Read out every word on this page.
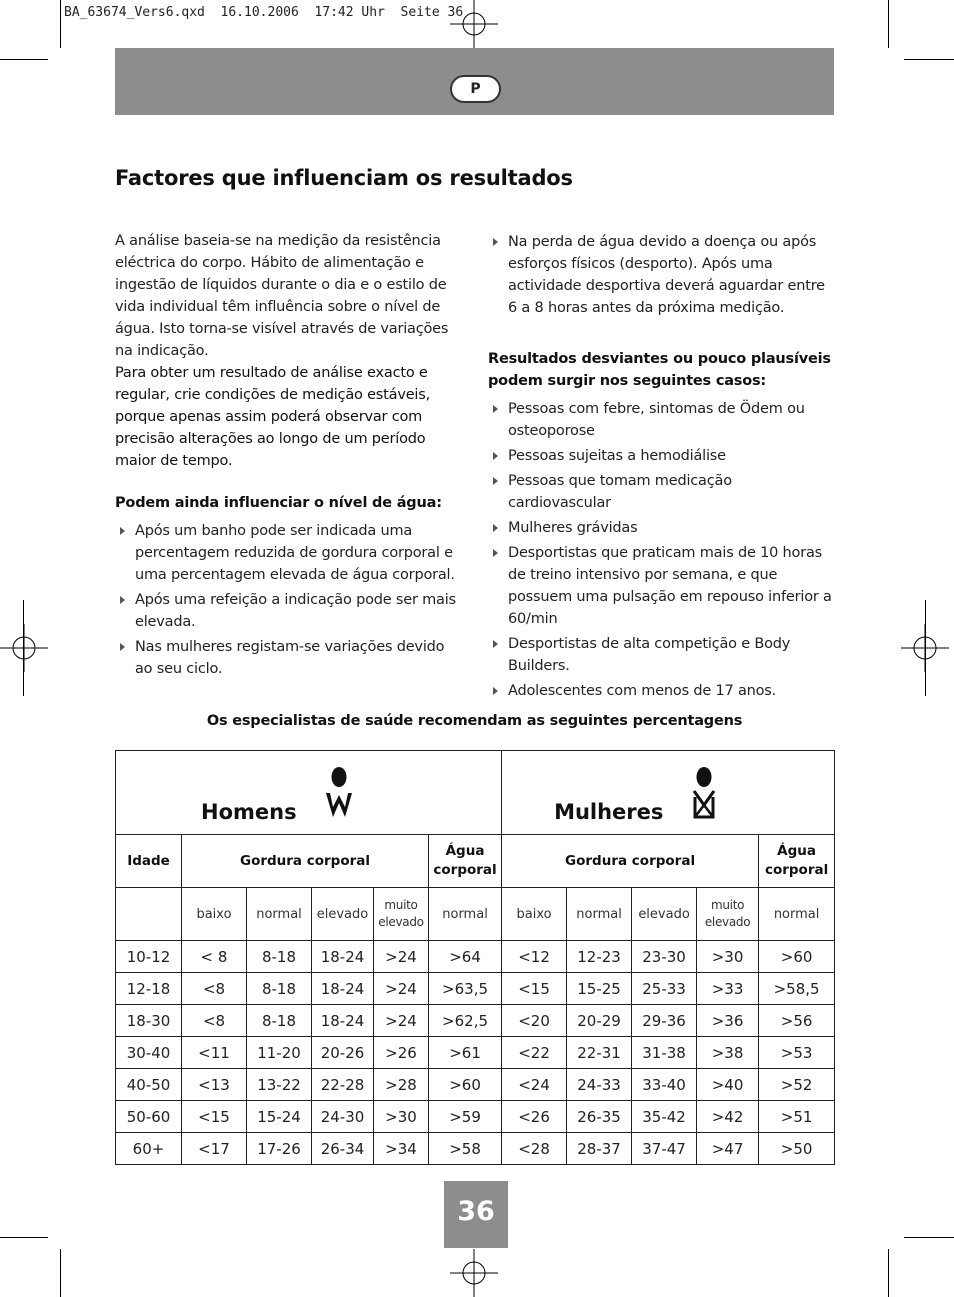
BA_63674_Vers6.qxd  16.10.2006  17:42 Uhr  Seite 36
P
Factores que influenciam os resultados

A análise baseia-se na medição da resistência eléctrica do corpo. Hábito de alimentação e ingestão de líquidos durante o dia e o estilo de vida individual têm influência sobre o nível de água. Isto torna-se visível através de variações na indicação.

Para obter um resultado de análise exacto e regular, crie condições de medição estáveis, porque apenas assim poderá observar com precisão alterações ao longo de um período maior de tempo.

Podem ainda influenciar o nível de água:

Após um banho pode ser indicada uma percentagem reduzida de gordura corporal e uma percentagem elevada de água corporal.
Após uma refeição a indicação pode ser mais elevada.
Nas mulheres registam-se variações devido ao seu ciclo.
Na perda de água devido a doença ou após esforços físicos (desporto). Após uma actividade desportiva deverá aguardar entre 6 a 8 horas antes da próxima medição.

Resultados desviantes ou pouco plausíveis podem surgir nos seguintes casos:

Pessoas com febre, sintomas de Ödem ou osteoporose
Pessoas sujeitas a hemodiálise
Pessoas que tomam medicação cardiovascular
Mulheres grávidas
Desportistas que praticam mais de 10 horas de treino intensivo por semana, e que possuem uma pulsação em repouso inferior a 60/min
Desportistas de alta competição e Body Builders.
Adolescentes com menos de 17 anos.
Os especialistas de saúde recomendam as seguintes percentagens
Homens						Mulheres				

Idade	Gordura corporal				Água corporal	Gordura corporal				Água corporal
	baixo	normal	elevado	muito elevado	normal	baixo	normal	elevado	muito elevado	normal
10-12	< 8	8-18	18-24	>24	>64	<12	12-23	23-30	>30	>60
12-18	<8	8-18	18-24	>24	>63,5	<15	15-25	25-33	>33	>58,5
18-30	<8	8-18	18-24	>24	>62,5	<20	20-29	29-36	>36	>56
30-40	<11	11-20	20-26	>26	>61	<22	22-31	31-38	>38	>53
40-50	<13	13-22	22-28	>28	>60	<24	24-33	33-40	>40	>52
50-60	<15	15-24	24-30	>30	>59	<26	26-35	35-42	>42	>51
60+	<17	17-26	26-34	>34	>58	<28	28-37	37-47	>47	>50
36
